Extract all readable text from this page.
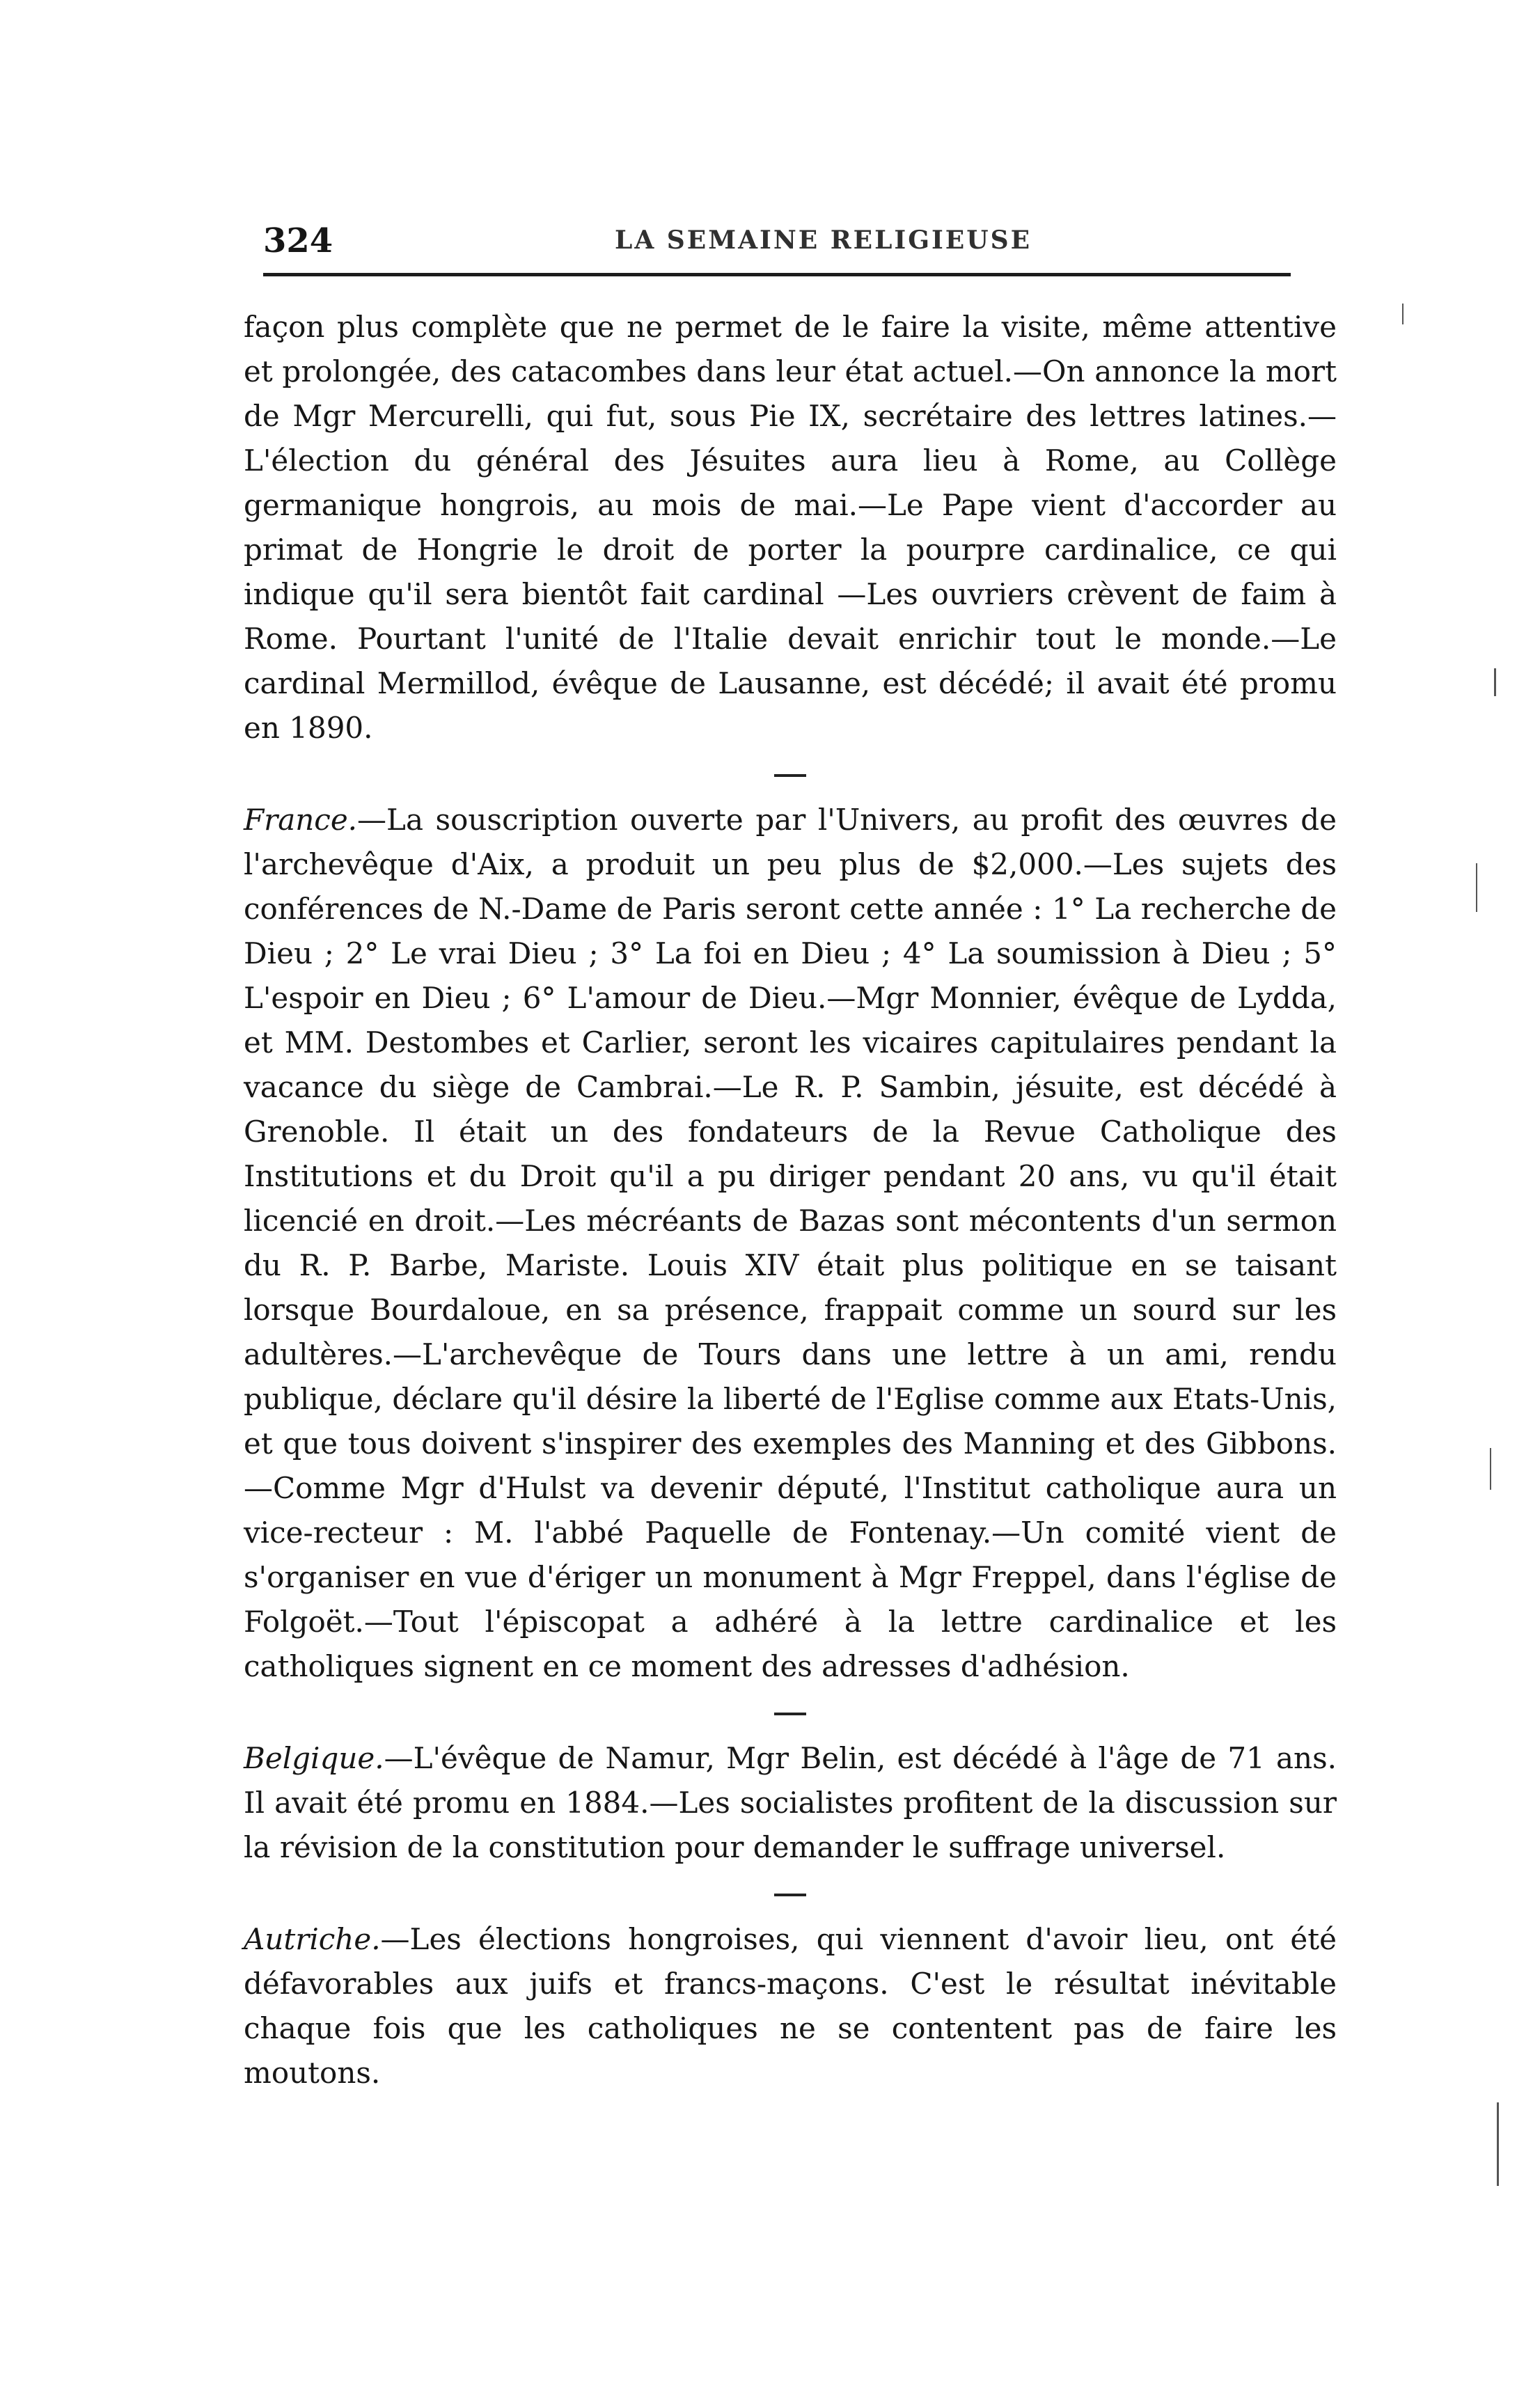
324	LA SEMAINE RELIGIEUSE

façon plus complète que ne permet de le faire la visite, même attentive et prolongée, des catacombes dans leur état actuel.—On annonce la mort de Mgr Mercurelli, qui fut, sous Pie IX, secrétaire des lettres latines.—L'élection du général des Jésuites aura lieu à Rome, au Collège germanique hongrois, au mois de mai.—Le Pape vient d'accorder au primat de Hongrie le droit de porter la pourpre cardinalice, ce qui indique qu'il sera bientôt fait cardinal —Les ouvriers crèvent de faim à Rome. Pourtant l'unité de l'Italie devait enrichir tout le monde.—Le cardinal Mermillod, évêque de Lausanne, est décédé; il avait été promu en 1890.

France.—La souscription ouverte par l'Univers, au profit des œuvres de l'archevêque d'Aix, a produit un peu plus de $2,000.—Les sujets des conférences de N.-Dame de Paris seront cette année : 1° La recherche de Dieu ; 2° Le vrai Dieu ; 3° La foi en Dieu ; 4° La soumission à Dieu ; 5° L'espoir en Dieu ; 6° L'amour de Dieu.—Mgr Monnier, évêque de Lydda, et MM. Destombes et Carlier, seront les vicaires capitulaires pendant la vacance du siège de Cambrai.—Le R. P. Sambin, jésuite, est décédé à Grenoble. Il était un des fondateurs de la Revue Catholique des Institutions et du Droit qu'il a pu diriger pendant 20 ans, vu qu'il était licencié en droit.—Les mécréants de Bazas sont mécontents d'un sermon du R. P. Barbe, Mariste. Louis XIV était plus politique en se taisant lorsque Bourdaloue, en sa présence, frappait comme un sourd sur les adultères.—L'archevêque de Tours dans une lettre à un ami, rendu publique, déclare qu'il désire la liberté de l'Eglise comme aux Etats-Unis, et que tous doivent s'inspirer des exemples des Manning et des Gibbons.—Comme Mgr d'Hulst va devenir député, l'Institut catholique aura un vice-recteur : M. l'abbé Paquelle de Fontenay.—Un comité vient de s'organiser en vue d'ériger un monument à Mgr Freppel, dans l'église de Folgoët.—Tout l'épiscopat a adhéré à la lettre cardinalice et les catholiques signent en ce moment des adresses d'adhésion.

Belgique.—L'évêque de Namur, Mgr Belin, est décédé à l'âge de 71 ans. Il avait été promu en 1884.—Les socialistes profitent de la discussion sur la révision de la constitution pour demander le suffrage universel.

Autriche.—Les élections hongroises, qui viennent d'avoir lieu, ont été défavorables aux juifs et francs-maçons. C'est le résultat inévitable chaque fois que les catholiques ne se contentent pas de faire les moutons.
